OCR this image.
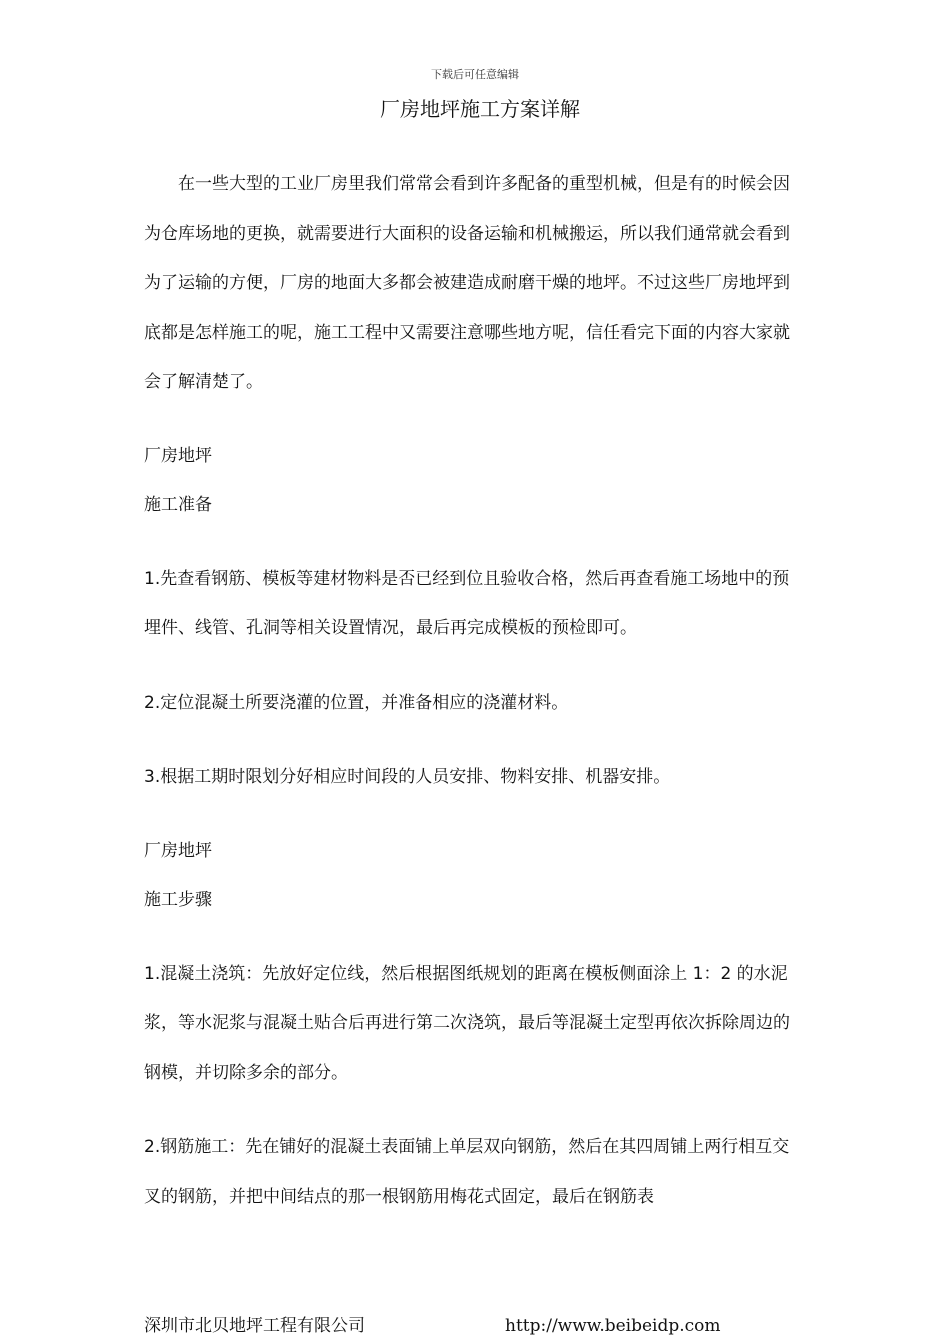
下载后可任意编辑
厂房地坪施工方案详解

在一些大型的工业厂房里我们常常会看到许多配备的重型机械，但是有的时候会因为仓库场地的更换，就需要进行大面积的设备运输和机械搬运，所以我们通常就会看到为了运输的方便，厂房的地面大多都会被建造成耐磨干燥的地坪。不过这些厂房地坪到底都是怎样施工的呢，施工工程中又需要注意哪些地方呢，信任看完下面的内容大家就会了解清楚了。

厂房地坪

施工准备

1.先查看钢筋、模板等建材物料是否已经到位且验收合格，然后再查看施工场地中的预埋件、线管、孔洞等相关设置情况，最后再完成模板的预检即可。

2.定位混凝土所要浇灌的位置，并准备相应的浇灌材料。

3.根据工期时限划分好相应时间段的人员安排、物料安排、机器安排。

厂房地坪

施工步骤

1.混凝土浇筑：先放好定位线，然后根据图纸规划的距离在模板侧面涂上 1：2 的水泥浆，等水泥浆与混凝土贴合后再进行第二次浇筑，最后等混凝土定型再依次拆除周边的钢模，并切除多余的部分。

2.钢筋施工：先在铺好的混凝土表面铺上单层双向钢筋，然后在其四周铺上两行相互交叉的钢筋，并把中间结点的那一根钢筋用梅花式固定，最后在钢筋表

深圳市北贝地坪工程有限公司	http://www.beibeidp.com
